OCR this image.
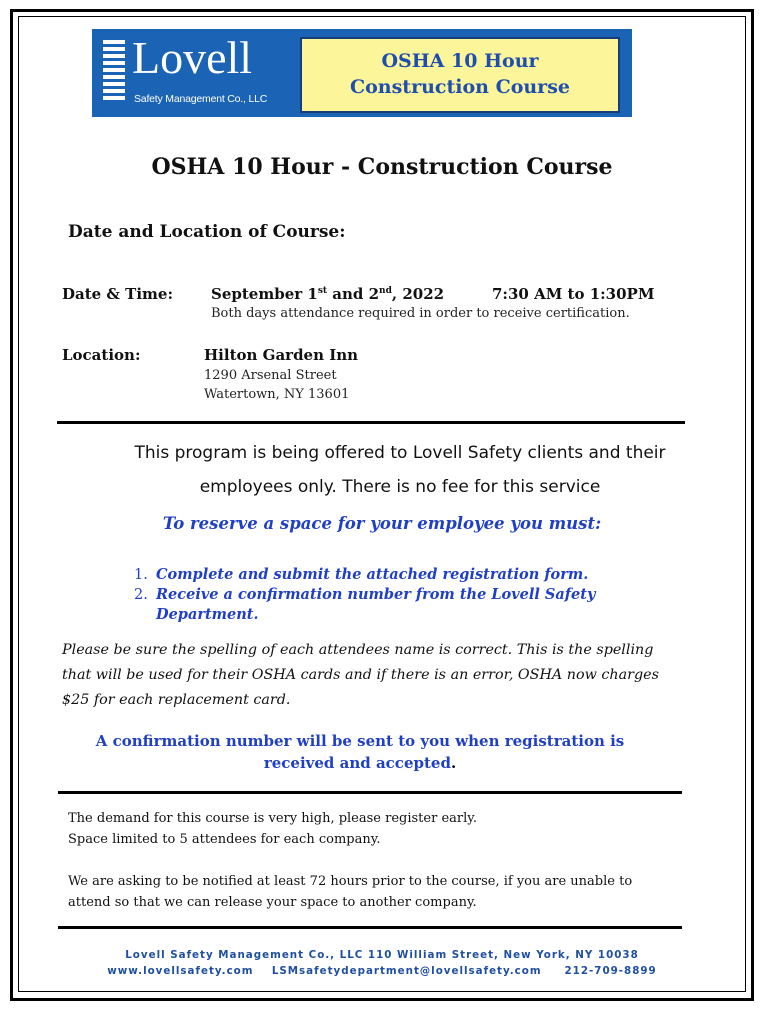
Lovell
Safety Management Co., LLC
OSHA 10 Hour
Construction Course
OSHA 10 Hour - Construction Course
Date and Location of Course:
Date & Time:	September 1st and 2nd, 2022	7:30 AM to 1:30PM
Both days attendance required in order to receive certification.
Location:	Hilton Garden Inn
1290 Arsenal Street
Watertown, NY 13601
This program is being offered to Lovell Safety clients and their
employees only. There is no fee for this service
To reserve a space for your employee you must:
1. Complete and submit the attached registration form.
2. Receive a confirmation number from the Lovell Safety
Department.
Please be sure the spelling of each attendees name is correct. This is the spelling
that will be used for their OSHA cards and if there is an error, OSHA now charges
$25 for each replacement card.
A confirmation number will be sent to you when registration is
received and accepted.
The demand for this course is very high, please register early.
Space limited to 5 attendees for each company.
We are asking to be notified at least 72 hours prior to the course, if you are unable to
attend so that we can release your space to another company.
Lovell Safety Management Co., LLC 110 William Street, New York, NY 10038
www.lovellsafety.com LSMsafetydepartment@lovellsafety.com 212-709-8899
